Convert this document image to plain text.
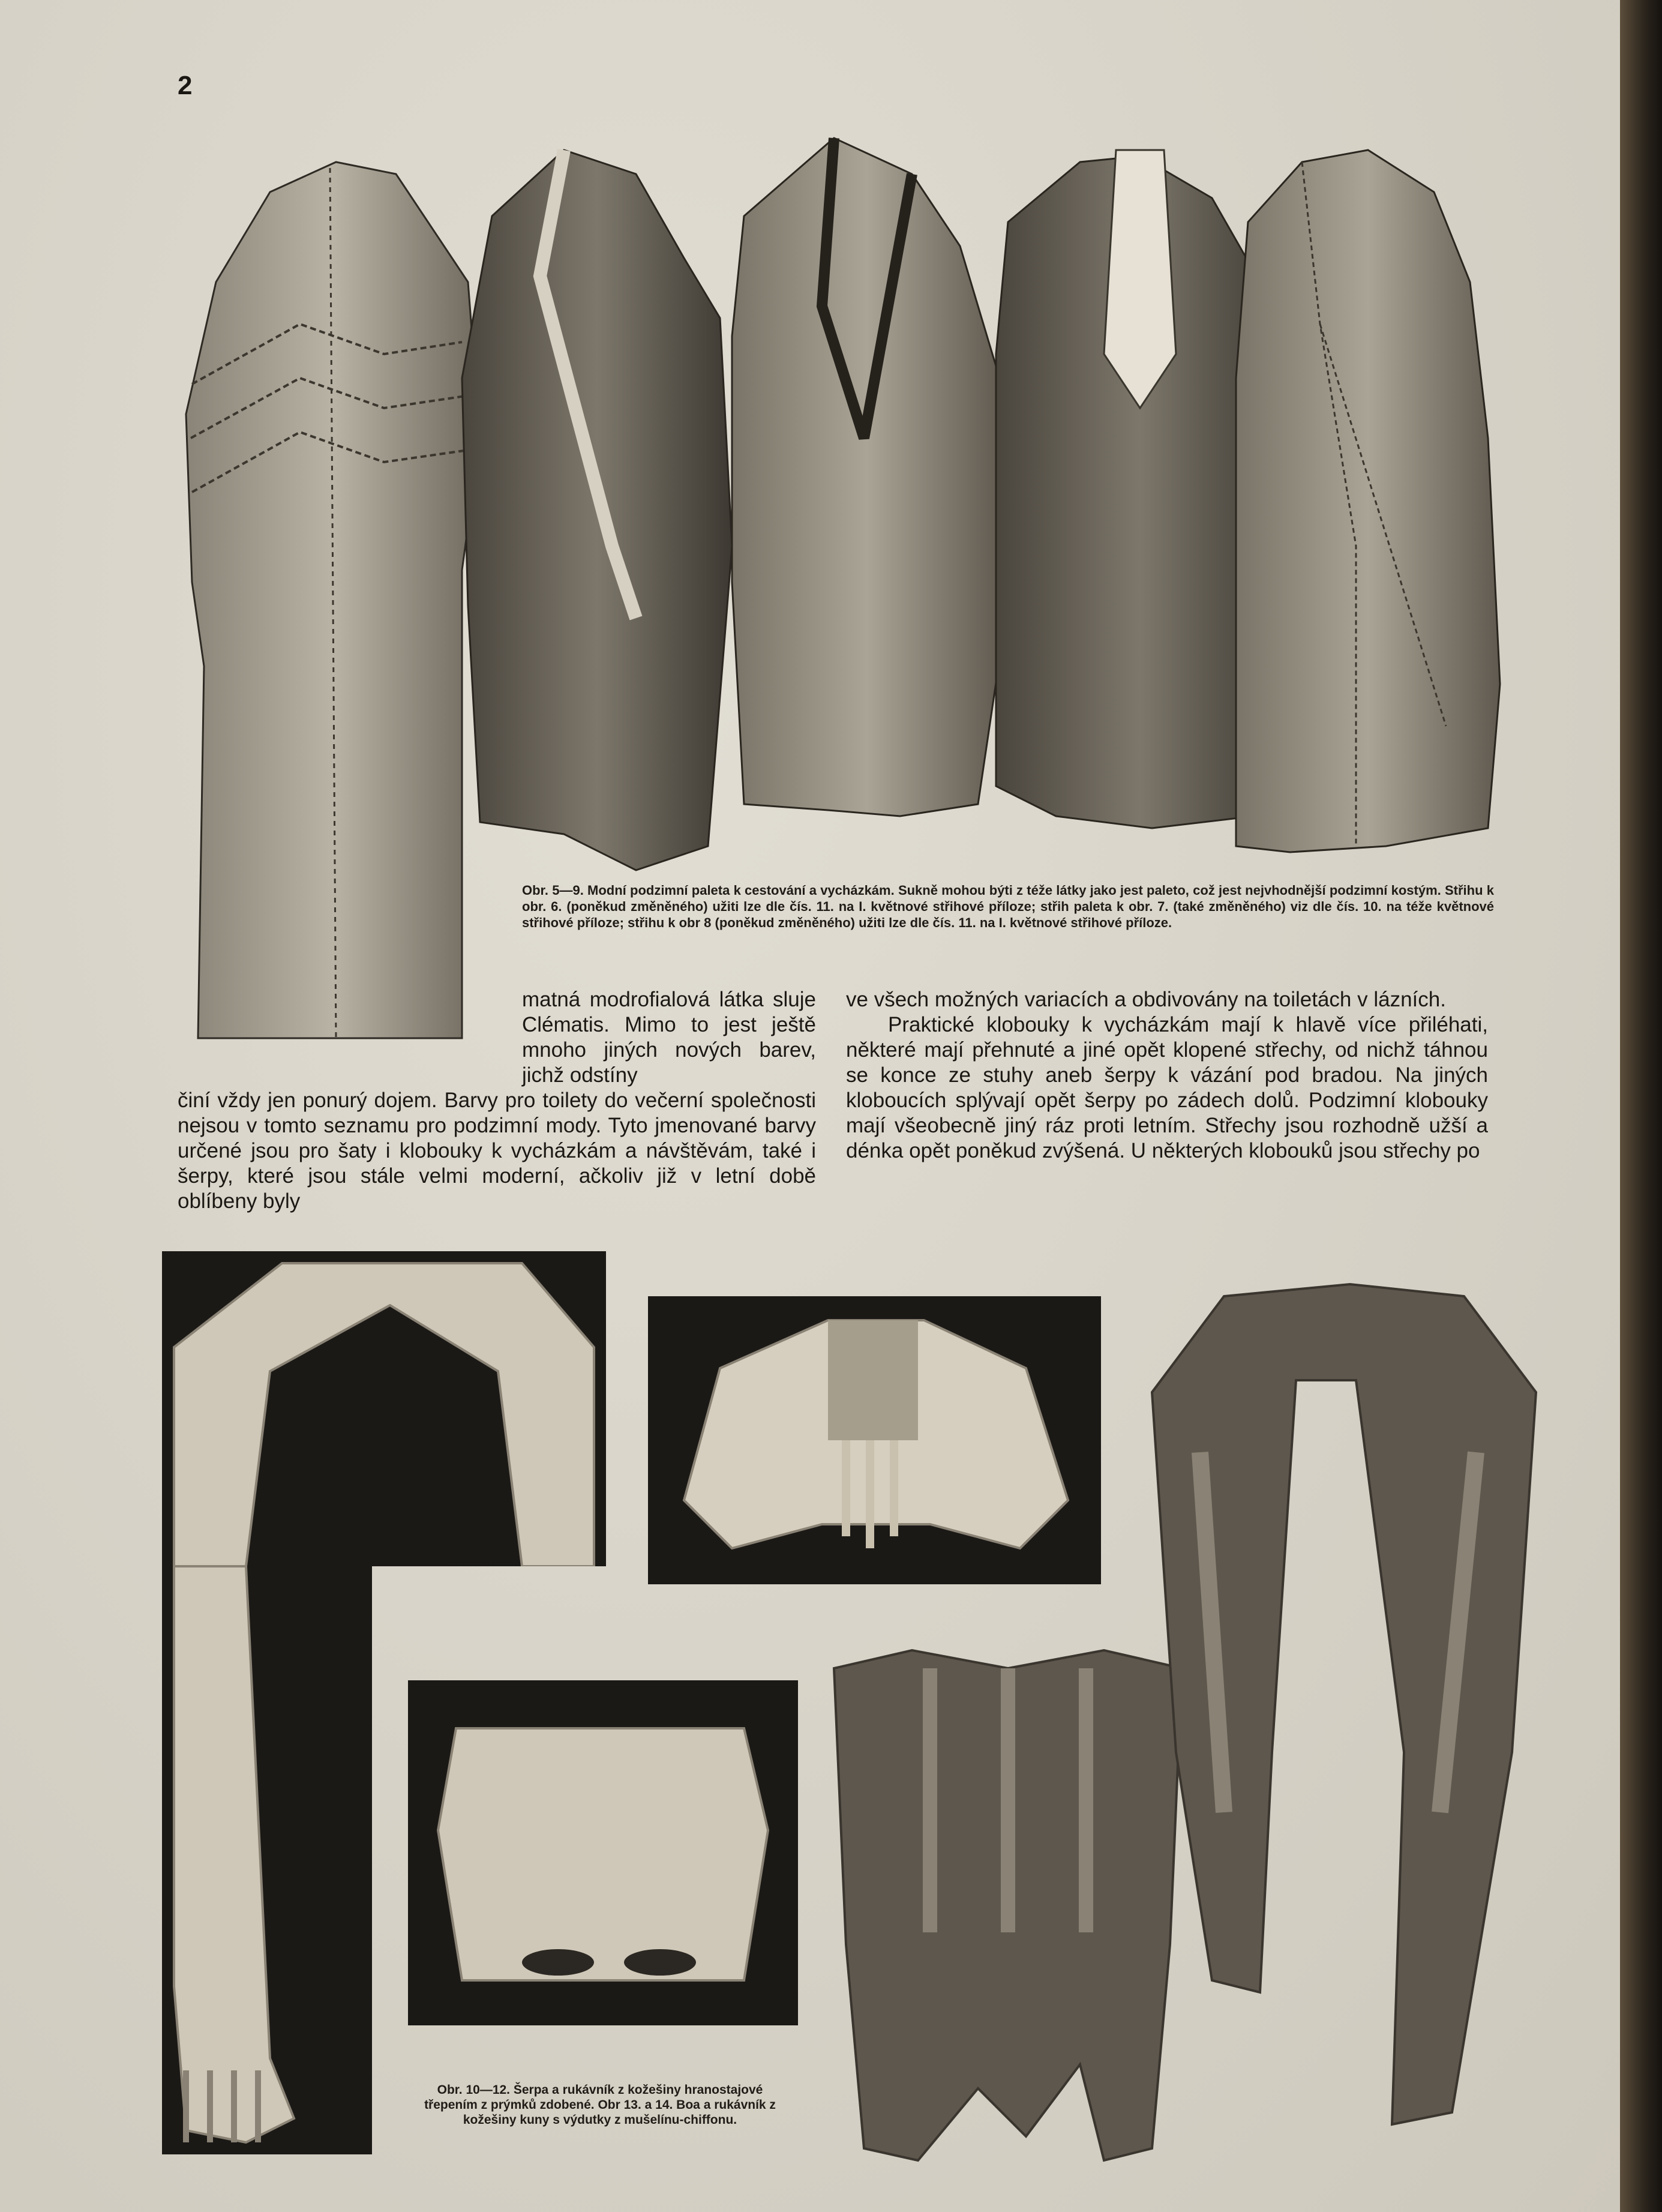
2
Obr. 5—9. Modní podzimní paleta k cestování a vycházkám. Sukně mohou býti z téže látky jako jest paleto, což jest nejvhodnější podzimní kostým. Střihu k obr. 6. (poněkud změněného) užiti lze dle čís. 11. na I. květnové střihové příloze; střih paleta k obr. 7. (také změněného) viz dle čís. 10. na téže květnové střihové příloze; střihu k obr 8 (poněkud změněného) užiti lze dle čís. 11. na I. květnové střihové příloze.

matná modrofialová látka sluje Clématis. Mimo to jest ještě mnoho jiných nových barev, jichž odstíny

činí vždy jen ponurý dojem. Barvy pro toilety do večerní společnosti nejsou v tomto seznamu pro podzimní mody. Tyto jmenované barvy určené jsou pro šaty i klobouky k vycházkám a návštěvám, také i šerpy, které jsou stále velmi moderní, ačkoliv již v letní době oblíbeny byly

ve všech možných variacích a obdivovány na toiletách v lázních.

Praktické klobouky k vycházkám mají k hlavě více přiléhati, některé mají přehnuté a jiné opět klopené střechy, od nichž táhnou se konce ze stuhy aneb šerpy k vázání pod bradou. Na jiných kloboucích splývají opět šerpy po zádech dolů. Podzimní klobouky mají všeobecně jiný ráz proti letním. Střechy jsou rozhodně užší a dénka opět poněkud zvýšená. U některých klobouků jsou střechy po

Obr. 10—12. Šerpa a rukávník z kožešiny hranostajové třepením z prýmků zdobené. Obr 13. a 14. Boa a rukávník z kožešiny kuny s výdutky z mušelínu-chiffonu.
